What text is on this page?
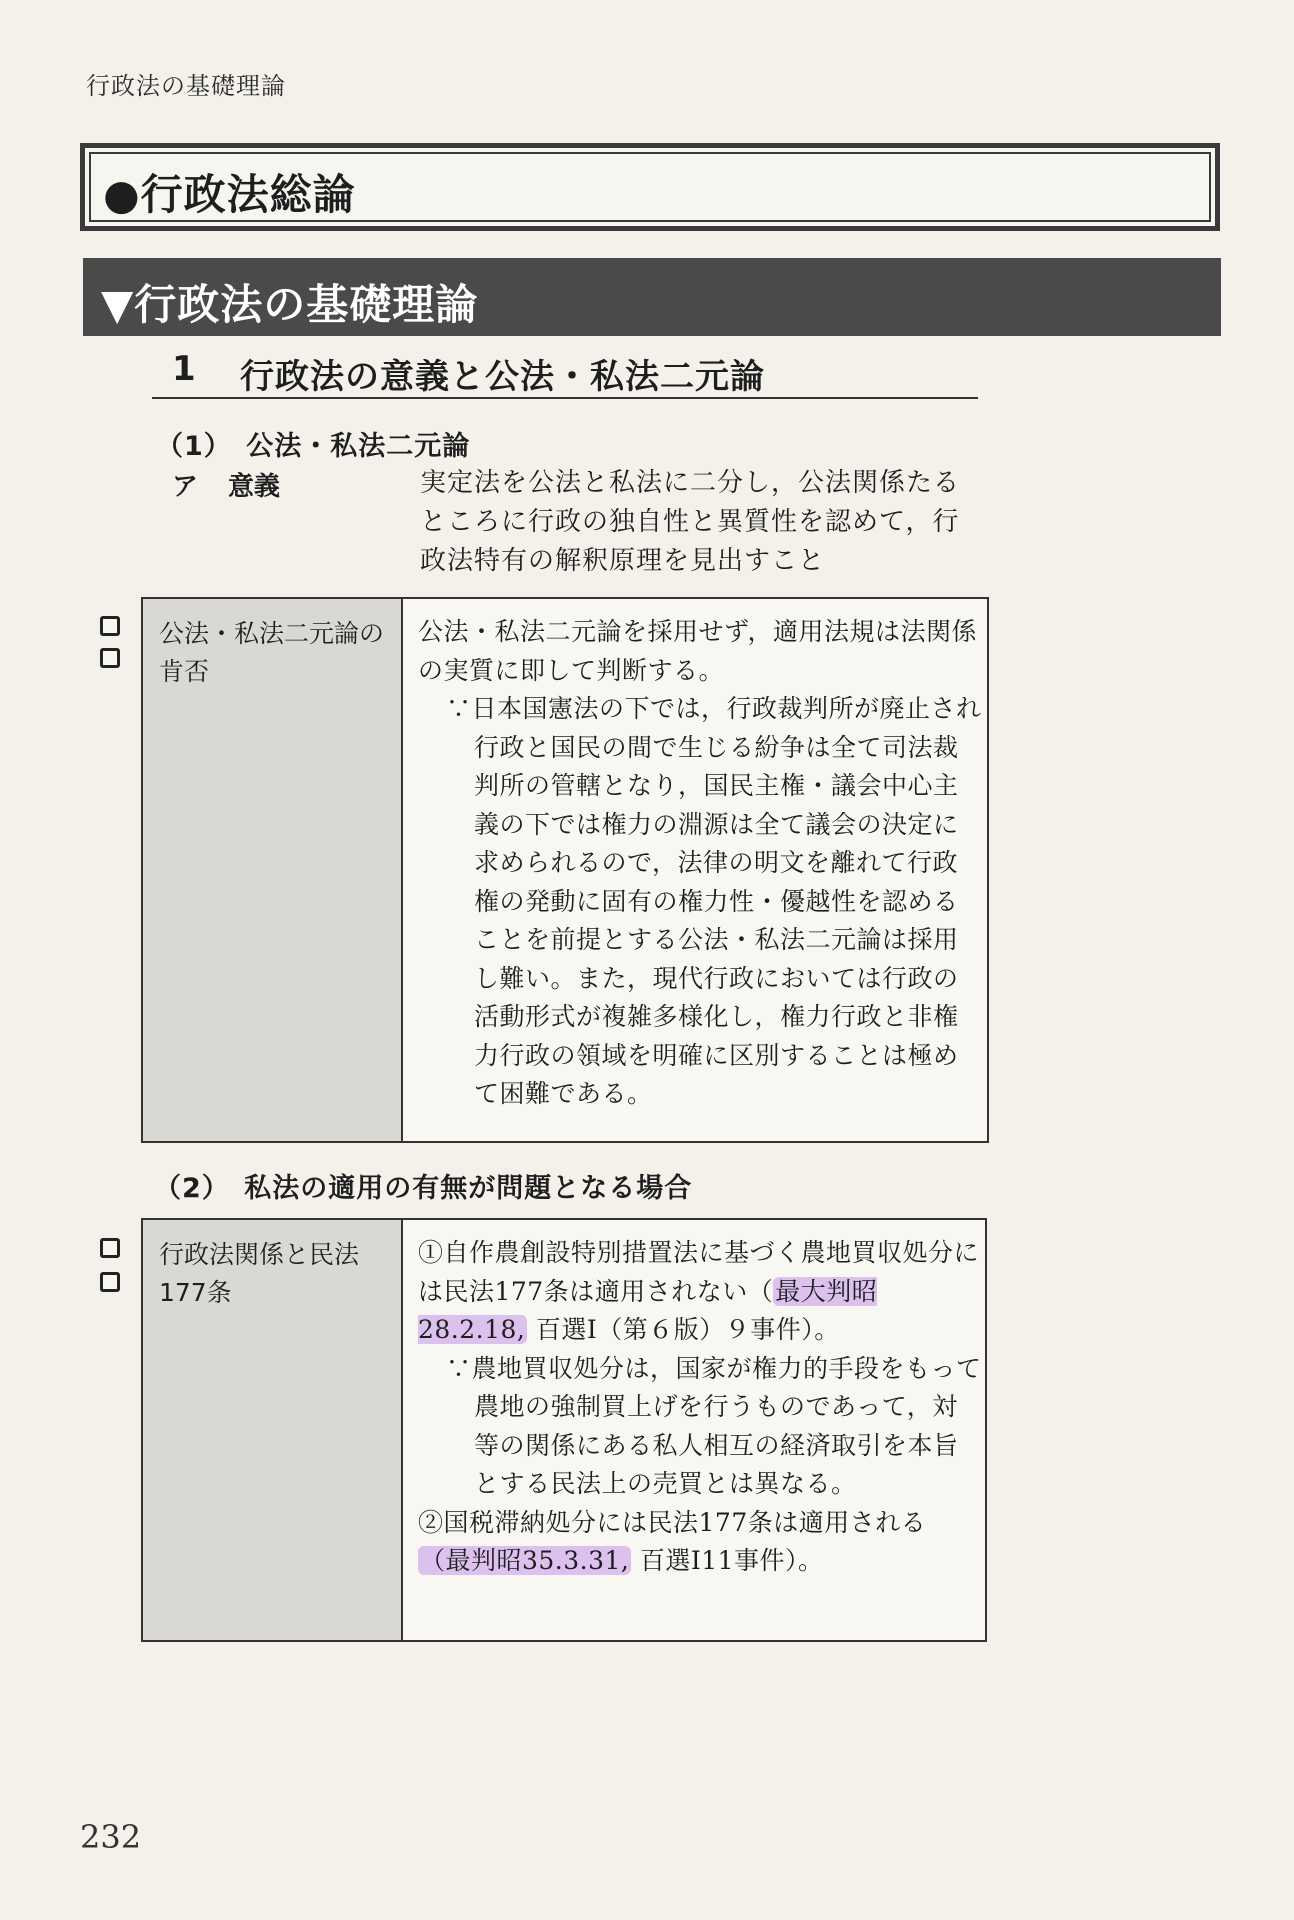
行政法の基礎理論
●行政法総論
▼行政法の基礎理論
1 行政法の意義と公法・私法二元論
（1）　公法・私法二元論
ア 意義	実定法を公法と私法に二分し，公法関係たるところに行政の独自性と異質性を認めて，行政法特有の解釈原理を見出すこと
公法・私法二元論の肯否

公法・私法二元論を採用せず，適用法規は法関係の実質に即して判断する。

∵日本国憲法の下では，行政裁判所が廃止され行政と国民の間で生じる紛争は全て司法裁判所の管轄となり，国民主権・議会中心主義の下では権力の淵源は全て議会の決定に求められるので，法律の明文を離れて行政権の発動に固有の権力性・優越性を認めることを前提とする公法・私法二元論は採用し難い。また，現代行政においては行政の活動形式が複雑多様化し，権力行政と非権力行政の領域を明確に区別することは極めて困難である。

（2）　私法の適用の有無が問題となる場合
行政法関係と民法177条

①自作農創設特別措置法に基づく農地買収処分には民法177条は適用されない（最大判昭28.2.18, 百選Ⅰ（第６版）９事件）。

∵農地買収処分は，国家が権力的手段をもって農地の強制買上げを行うものであって，対等の関係にある私人相互の経済取引を本旨とする民法上の売買とは異なる。

②国税滞納処分には民法177条は適用される
（最判昭35.3.31, 百選Ⅰ11事件）。

232
